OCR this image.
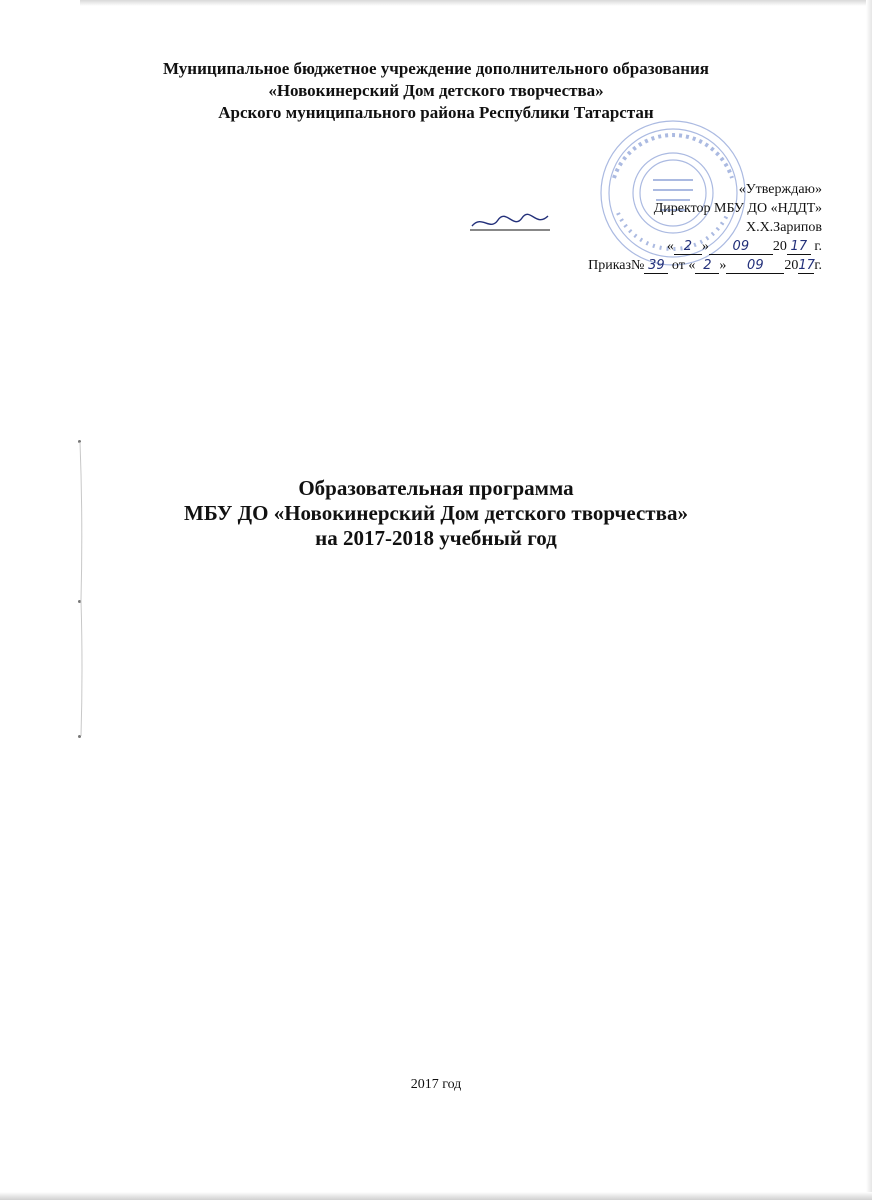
Муниципальное бюджетное учреждение дополнительного образования
«Новокинерский Дом детского творчества»
Арского муниципального района Республики Татарстан
«Утверждаю»
Директор МБУ ДО «НДДТ»
Х.Х.Зарипов
« 2 » 09 20 17 г.
Приказ№ 39 от « 2 » 09 2017г.
Образовательная программа
МБУ ДО «Новокинерский Дом детского творчества»
на 2017-2018 учебный год
2017 год
